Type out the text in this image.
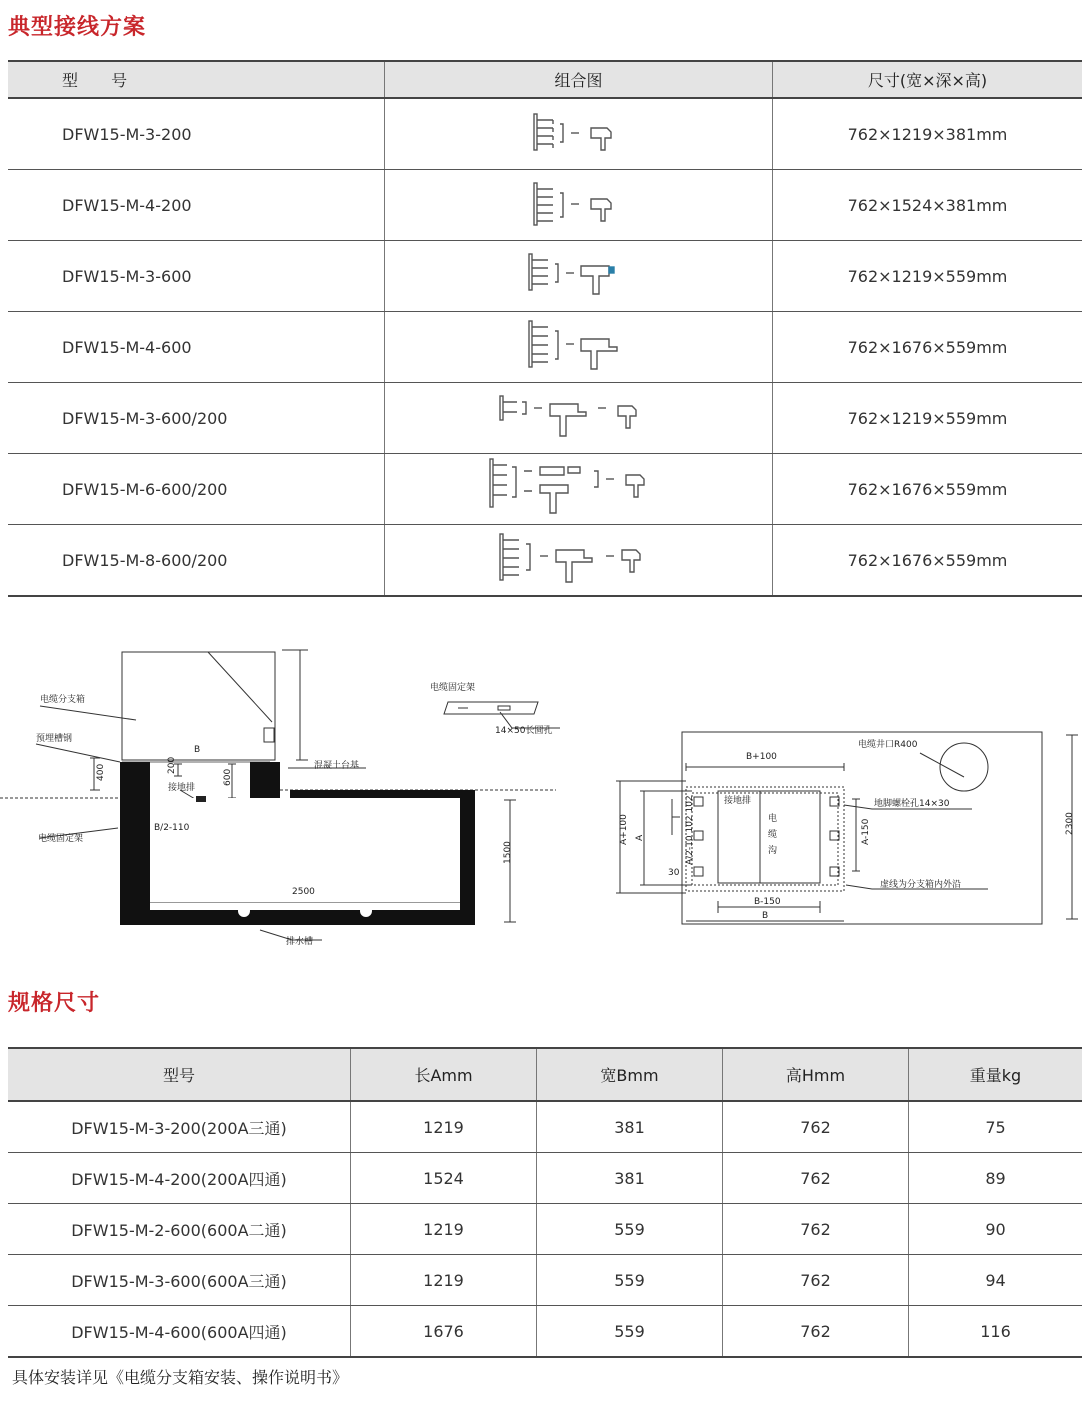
典型接线方案
型 号	组合图	尺寸(宽×深×高)
DFW15-M-3-200		762×1219×381mm
DFW15-M-4-200		762×1524×381mm
DFW15-M-3-600		762×1219×559mm
DFW15-M-4-600		762×1676×559mm
DFW15-M-3-600/200		762×1219×559mm
DFW15-M-6-600/200		762×1676×559mm
DFW15-M-8-600/200		762×1676×559mm
电缆分支箱
预埋槽钢
电缆固定架
B
400	200
600
接地排
B/2-110
混凝土台基
2500
1500
排水槽
电缆固定架
14×50长圆孔
电缆井口R400
B+100
接地排	地脚螺栓孔14×30
电
缆
沟
A-150
A+100 A	A/2-10 102 102
30
B-150
B
虚线为分支箱内外沿
2300
规格尺寸
型号	长Amm	宽Bmm	高Hmm	重量kg
DFW15-M-3-200(200A三通)	1219	381	762	75
DFW15-M-4-200(200A四通)	1524	381	762	89
DFW15-M-2-600(600A二通)	1219	559	762	90
DFW15-M-3-600(600A三通)	1219	559	762	94
DFW15-M-4-600(600A四通)	1676	559	762	116
具体安装详见《电缆分支箱安装、操作说明书》
